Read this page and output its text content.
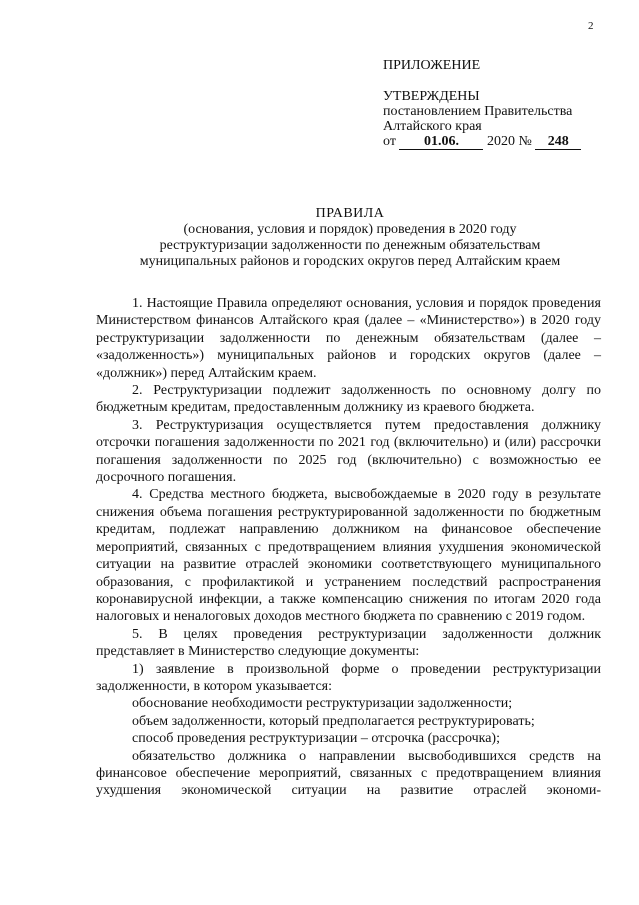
2
ПРИЛОЖЕНИЕ
УТВЕРЖДЕНЫ
постановлением Правительства
Алтайского края
от 01.06. 2020 № 248
ПРАВИЛА
(основания, условия и порядок) проведения в 2020 году
реструктуризации задолженности по денежным обязательствам
муниципальных районов и городских округов перед Алтайским краем

1. Настоящие Правила определяют основания, условия и порядок проведения Министерством финансов Алтайского края (далее – «Министерство») в 2020 году реструктуризации задолженности по денежным обязательствам (далее – «задолженность») муниципальных районов и городских округов (далее – «должник») перед Алтайским краем.

2. Реструктуризации подлежит задолженность по основному долгу по бюджетным кредитам, предоставленным должнику из краевого бюджета.

3. Реструктуризация осуществляется путем предоставления должнику отсрочки погашения задолженности по 2021 год (включительно) и (или) рассрочки погашения задолженности по 2025 год (включительно) с возможностью ее досрочного погашения.

4. Средства местного бюджета, высвобождаемые в 2020 году в результате снижения объема погашения реструктурированной задолженности по бюджетным кредитам, подлежат направлению должником на финансовое обеспечение мероприятий, связанных с предотвращением влияния ухудшения экономической ситуации на развитие отраслей экономики соответствующего муниципального образования, с профилактикой и устранением последствий распространения коронавирусной инфекции, а также компенсацию снижения по итогам 2020 года налоговых и неналоговых доходов местного бюджета по сравнению с 2019 годом.

5. В целях проведения реструктуризации задолженности должник представляет в Министерство следующие документы:

1) заявление в произвольной форме о проведении реструктуризации задолженности, в котором указывается:

обоснование необходимости реструктуризации задолженности;

объем задолженности, который предполагается реструктурировать;

способ проведения реструктуризации – отсрочка (рассрочка);

обязательство должника о направлении высвободившихся средств на финансовое обеспечение мероприятий, связанных с предотвращением влияния ухудшения экономической ситуации на развитие отраслей экономи-
